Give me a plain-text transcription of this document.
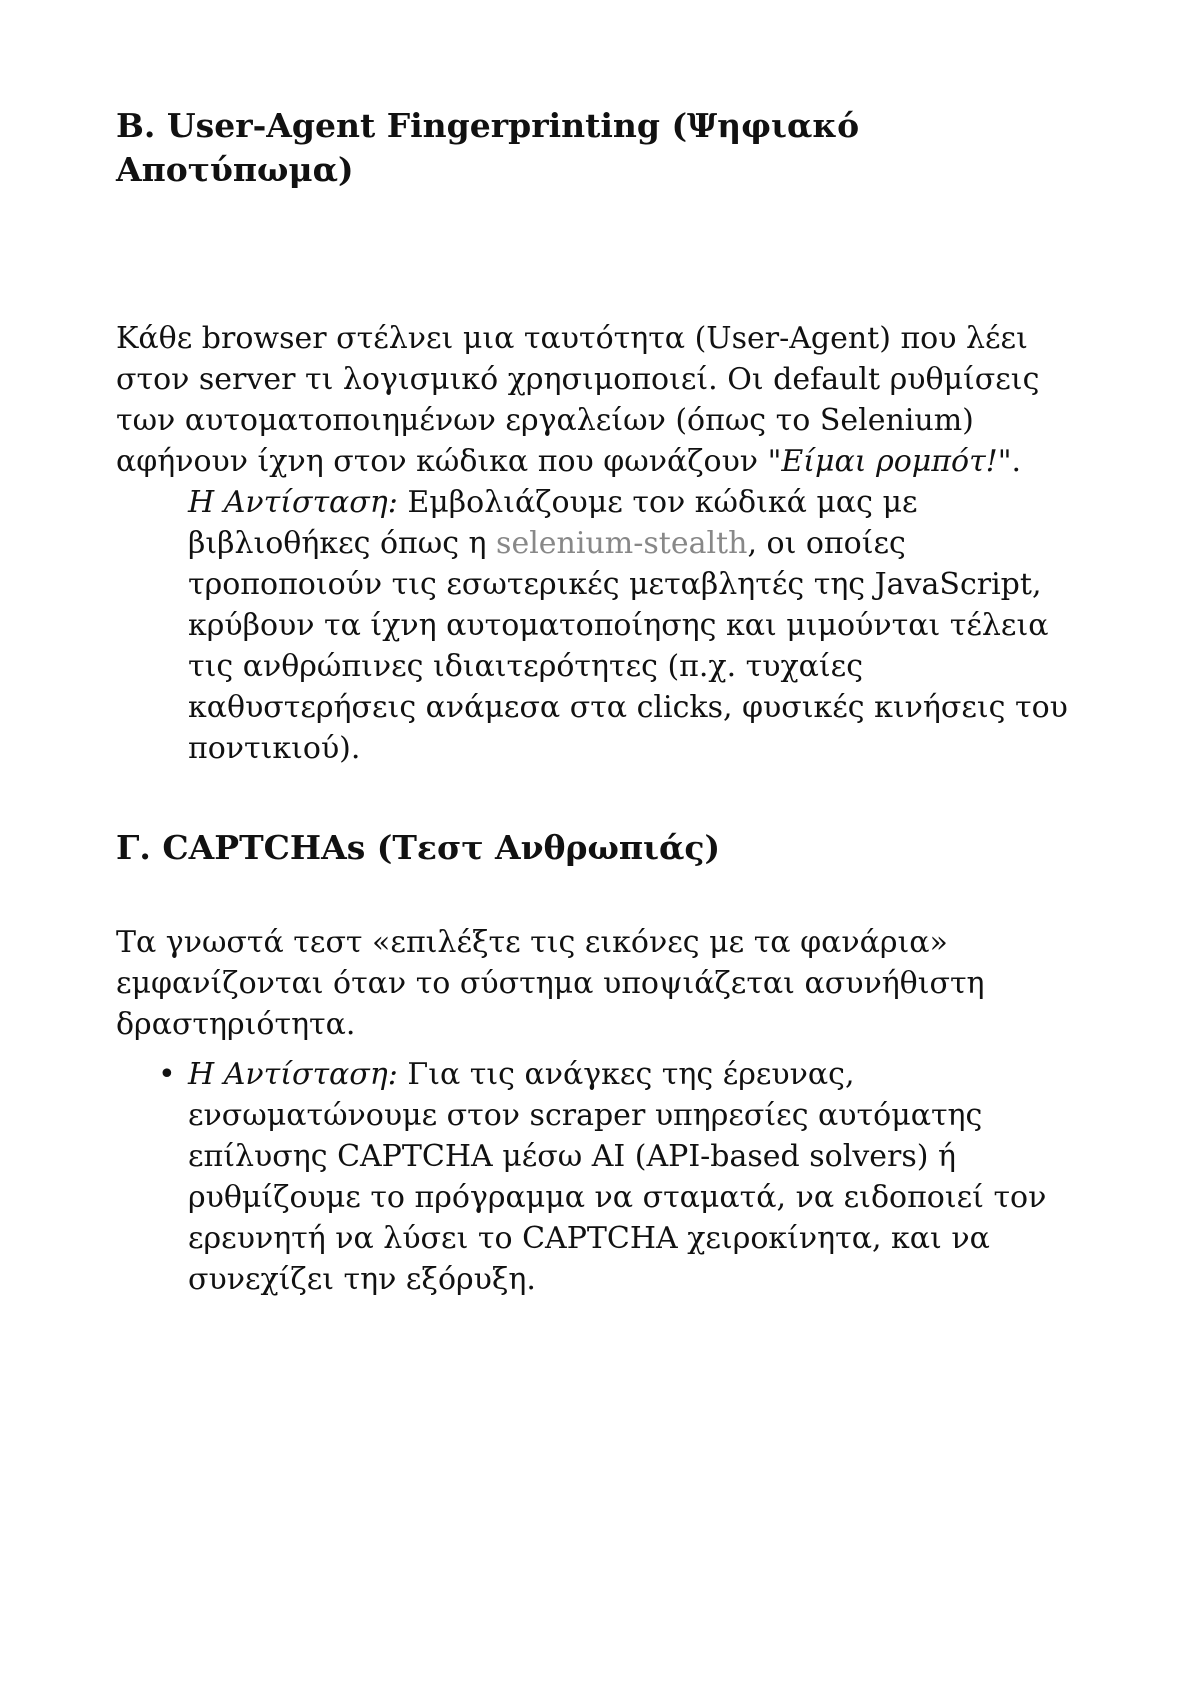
B. User-Agent Fingerprinting (Ψηφιακό
Αποτύπωμα)

Κάθε browser στέλνει μια ταυτότητα (User-Agent) που λέει στον server τι λογισμικό χρησιμοποιεί. Οι default ρυθμίσεις των αυτοματοποιημένων εργαλείων (όπως το Selenium) αφήνουν ίχνη στον κώδικα που φωνάζουν "Είμαι ρομπότ!".

Η Αντίσταση: Εμβολιάζουμε τον κώδικά μας με βιβλιοθήκες όπως η selenium-stealth, οι οποίες τροποποιούν τις εσωτερικές μεταβλητές της JavaScript, κρύβουν τα ίχνη αυτοματοποίησης και μιμούνται τέλεια τις ανθρώπινες ιδιαιτερότητες (π.χ. τυχαίες καθυστερήσεις ανάμεσα στα clicks, φυσικές κινήσεις του ποντικιού).

Γ. CAPTCHAs (Τεστ Ανθρωπιάς)

Τα γνωστά τεστ «επιλέξτε τις εικόνες με τα φανάρια» εμφανίζονται όταν το σύστημα υποψιάζεται ασυνήθιστη δραστηριότητα.

• Η Αντίσταση: Για τις ανάγκες της έρευνας, ενσωματώνουμε στον scraper υπηρεσίες αυτόματης επίλυσης CAPTCHA μέσω AI (API-based solvers) ή ρυθμίζουμε το πρόγραμμα να σταματά, να ειδοποιεί τον ερευνητή να λύσει το CAPTCHA χειροκίνητα, και να συνεχίζει την εξόρυξη.
